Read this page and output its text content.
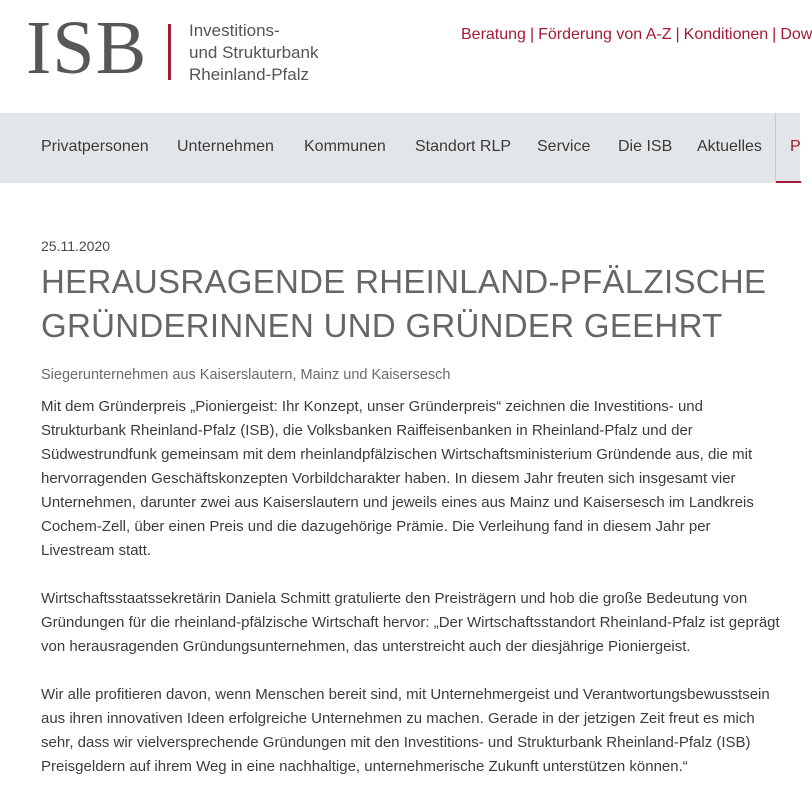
ISB Investitions-
und Strukturbank
Rheinland-Pfalz
Beratung | Förderung von A-Z | Konditionen | Dow
Privatpersonen Unternehmen Kommunen Standort RLP Service Die ISB Aktuelles	P

25.11.2020

HERAUSRAGENDE RHEINLAND-PFÄLZISCHE GRÜNDERINNEN UND GRÜNDER GEEHRT

Siegerunternehmen aus Kaiserslautern, Mainz und Kaisersesch

Mit dem Gründerpreis „Pioniergeist: Ihr Konzept, unser Gründerpreis“ zeichnen die Investitions- und Strukturbank Rheinland-Pfalz (ISB), die Volksbanken Raiffeisenbanken in Rheinland-Pfalz und der Südwestrundfunk gemeinsam mit dem rheinlandpfälzischen Wirtschaftsministerium Gründende aus, die mit hervorragenden Geschäftskonzepten Vorbildcharakter haben. In diesem Jahr freuten sich insgesamt vier Unternehmen, darunter zwei aus Kaiserslautern und jeweils eines aus Mainz und Kaisersesch im Landkreis Cochem-Zell, über einen Preis und die dazugehörige Prämie. Die Verleihung fand in diesem Jahr per Livestream statt.

Wirtschaftsstaatssekretärin Daniela Schmitt gratulierte den Preisträgern und hob die große Bedeutung von Gründungen für die rheinland-pfälzische Wirtschaft hervor: „Der Wirtschaftsstandort Rheinland-Pfalz ist geprägt von herausragenden Gründungsunternehmen, das unterstreicht auch der diesjährige Pioniergeist.

Wir alle profitieren davon, wenn Menschen bereit sind, mit Unternehmergeist und Verantwortungsbewusstsein aus ihren innovativen Ideen erfolgreiche Unternehmen zu machen. Gerade in der jetzigen Zeit freut es mich sehr, dass wir vielversprechende Gründungen mit den Investitions- und Strukturbank Rheinland-Pfalz (ISB) Preisgeldern auf ihrem Weg in eine nachhaltige, unternehmerische Zukunft unterstützen können.“
